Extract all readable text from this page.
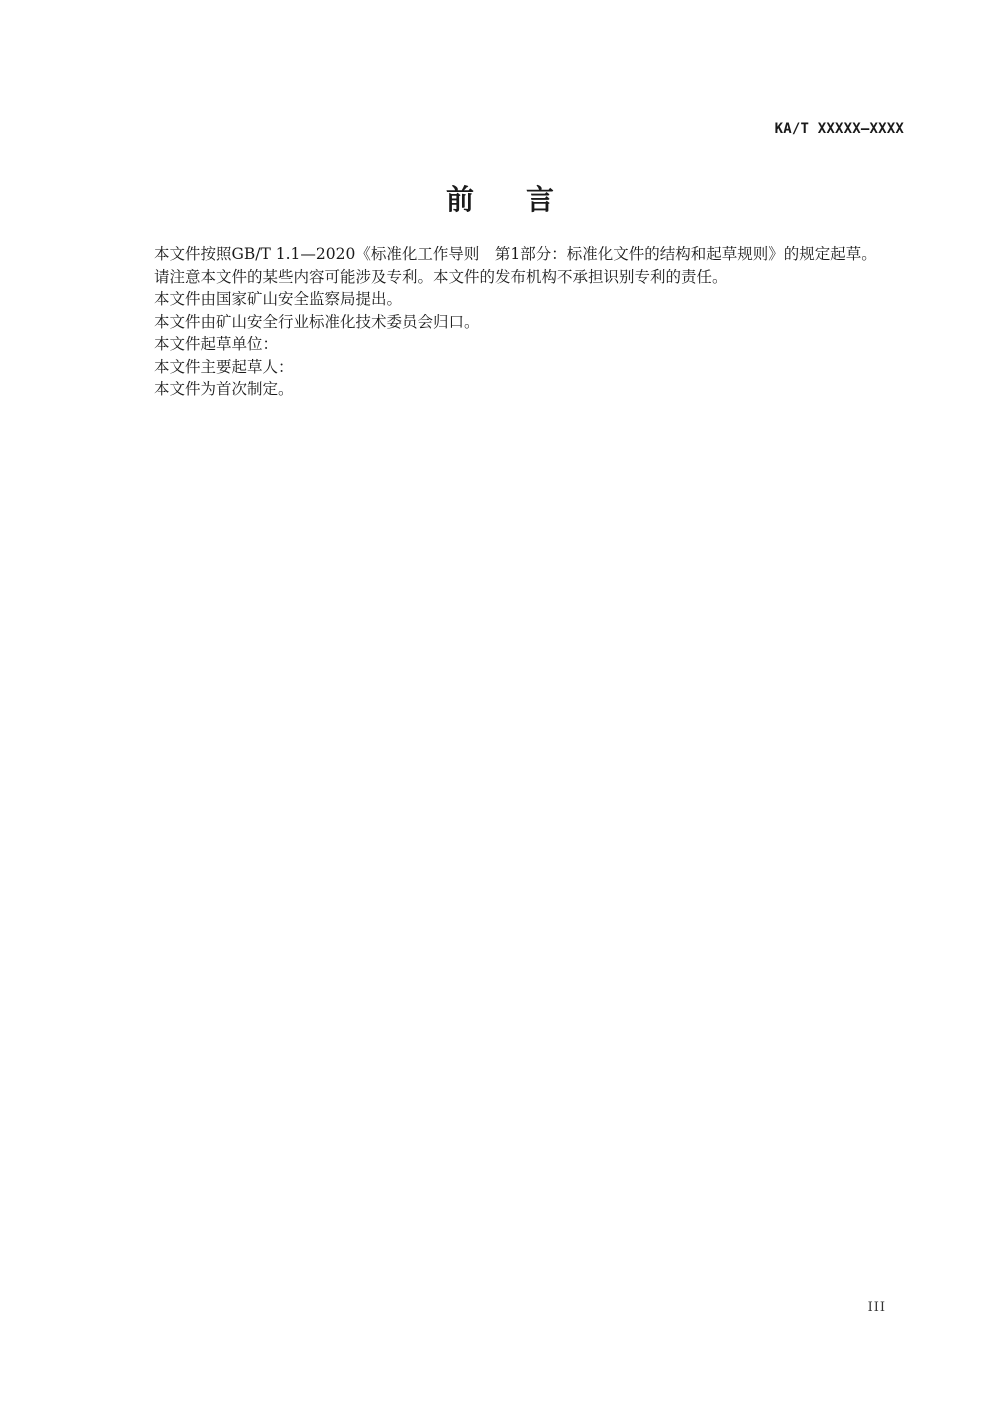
KA/T XXXXX—XXXX
前言

本文件按照GB/T 1.1—2020《标准化工作导则　第1部分：标准化文件的结构和起草规则》的规定起草。

请注意本文件的某些内容可能涉及专利。本文件的发布机构不承担识别专利的责任。

本文件由国家矿山安全监察局提出。

本文件由矿山安全行业标准化技术委员会归口。

本文件起草单位：

本文件主要起草人：

本文件为首次制定。

III
